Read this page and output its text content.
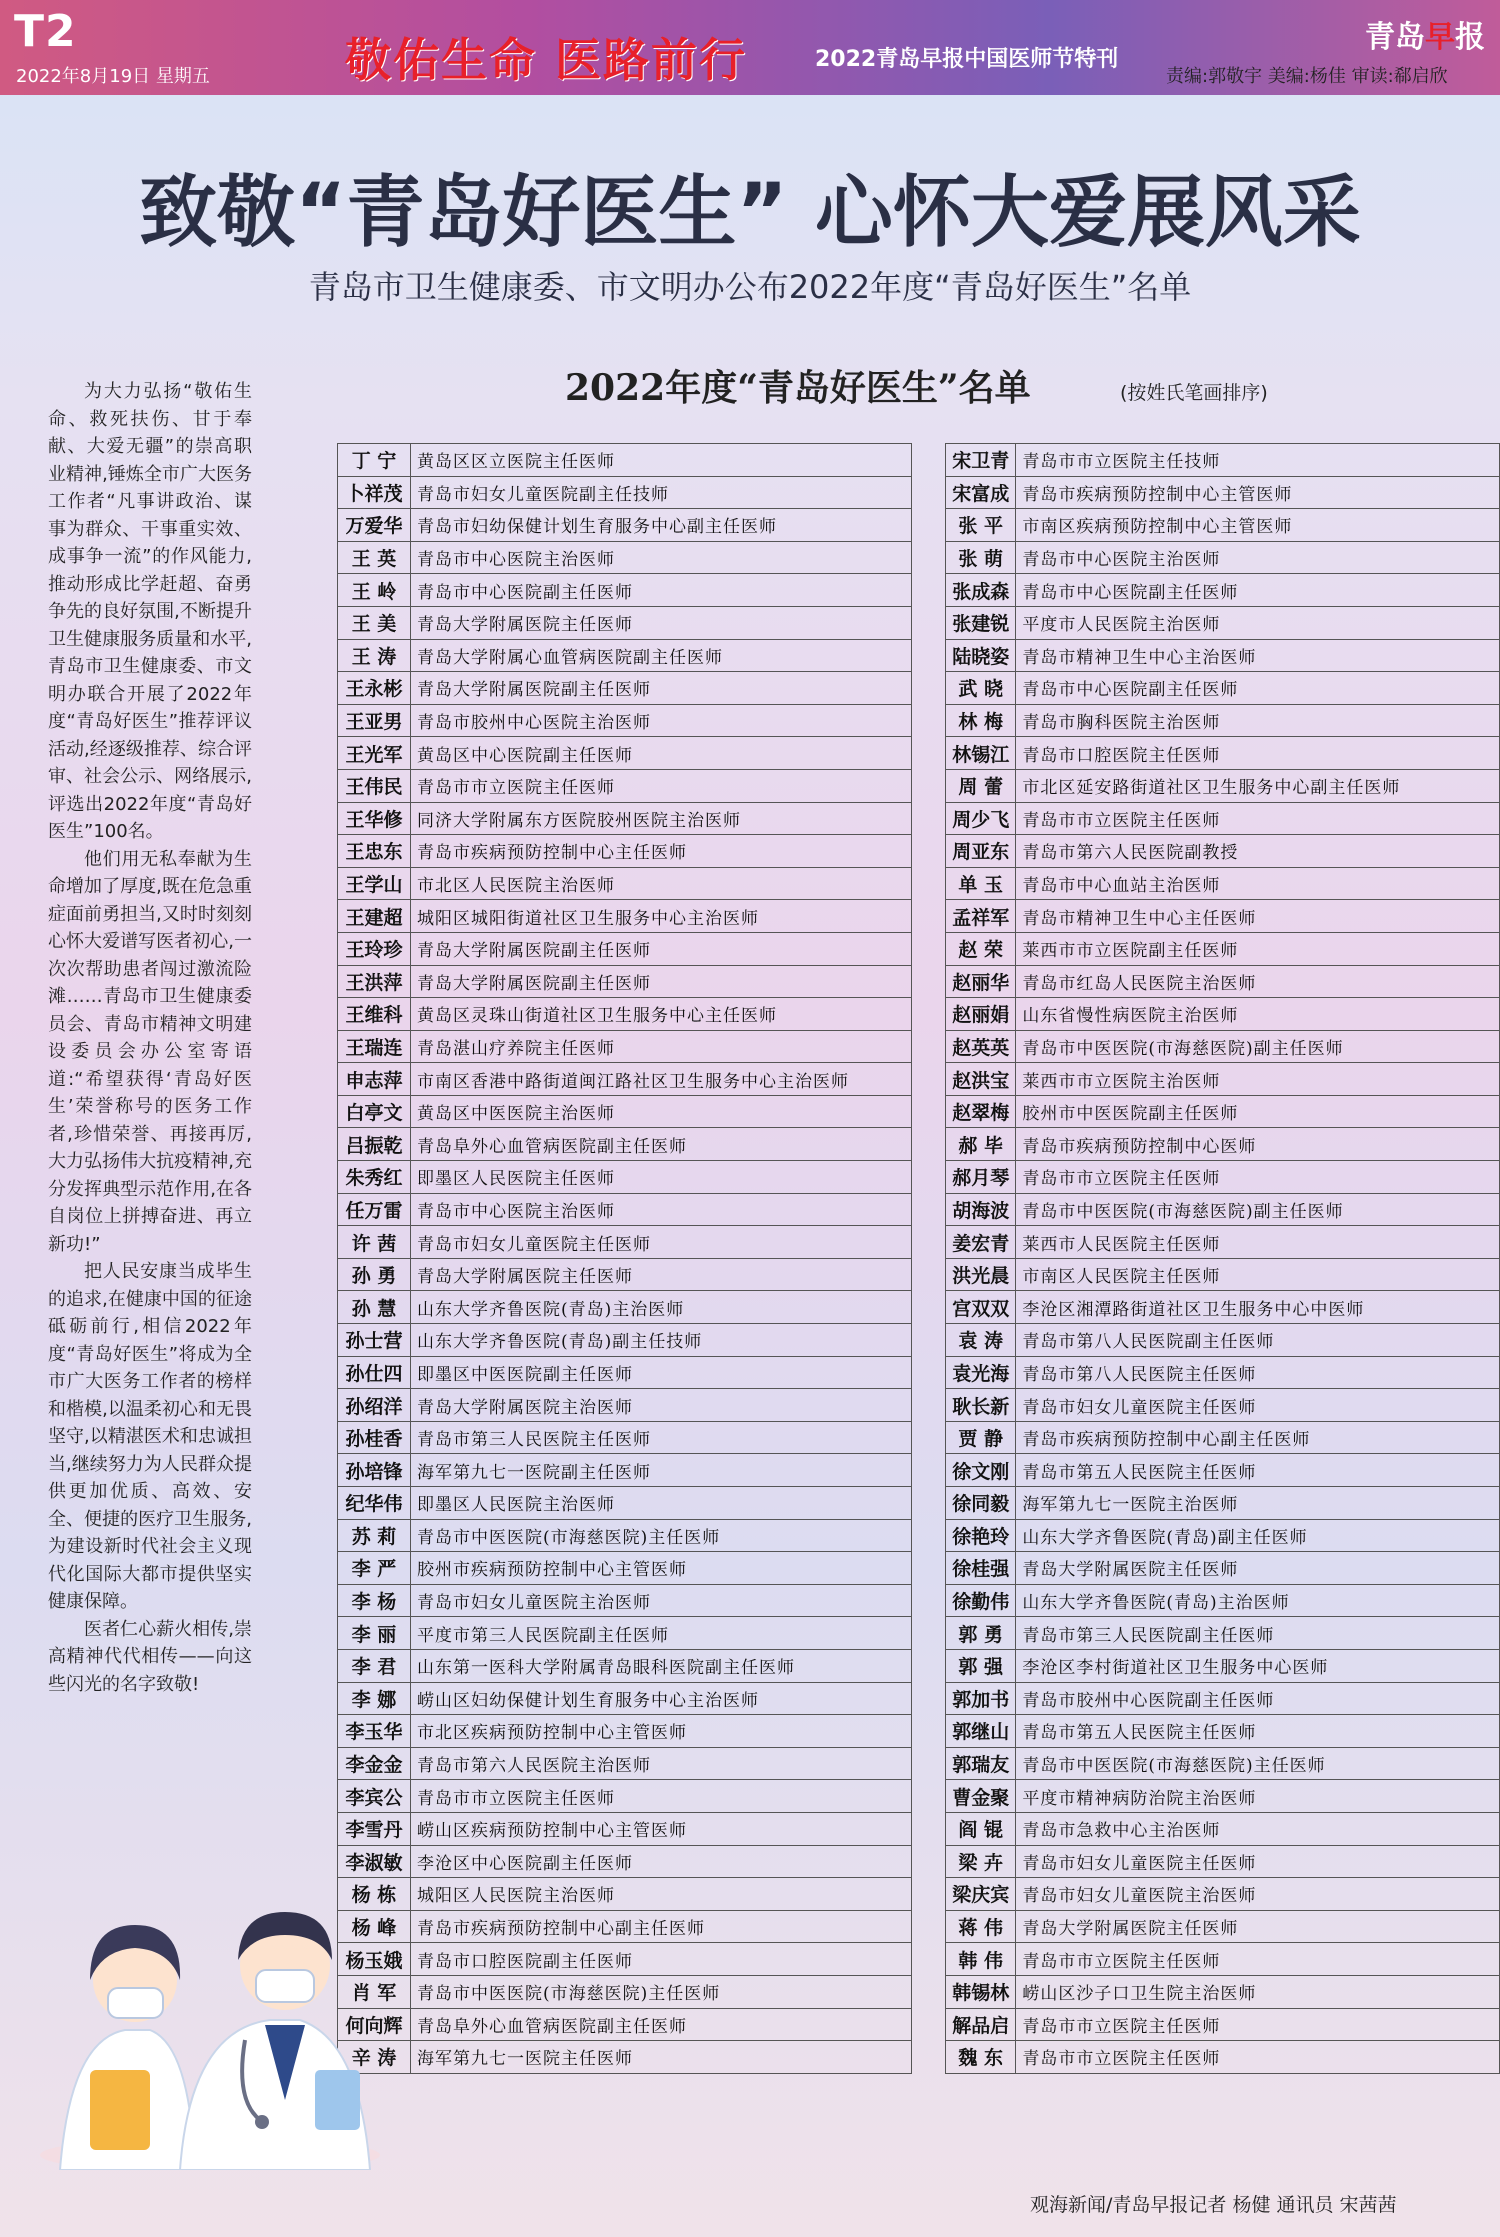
T2
2022年8月19日 星期五	敬佑生命 医路前行	2022青岛早报中国医师节特刊
青岛早报
责编:郭敬宇 美编:杨佳 审读:郗启欣
致敬“青岛好医生” 心怀大爱展风采
青岛市卫生健康委、市文明办公布2022年度“青岛好医生”名单
2022年度“青岛好医生”名单	(按姓氏笔画排序)

为大力弘扬“敬佑生命、救死扶伤、甘于奉献、大爱无疆”的崇高职业精神,锤炼全市广大医务工作者“凡事讲政治、谋事为群众、干事重实效、成事争一流”的作风能力,推动形成比学赶超、奋勇争先的良好氛围,不断提升卫生健康服务质量和水平,青岛市卫生健康委、市文明办联合开展了2022年度“青岛好医生”推荐评议活动,经逐级推荐、综合评审、社会公示、网络展示,评选出2022年度“青岛好医生”100名。

他们用无私奉献为生命增加了厚度,既在危急重症面前勇担当,又时时刻刻心怀大爱谱写医者初心,一次次帮助患者闯过激流险滩……青岛市卫生健康委员会、青岛市精神文明建设委员会办公室寄语道:“希望获得‘青岛好医生’荣誉称号的医务工作者,珍惜荣誉、再接再厉,大力弘扬伟大抗疫精神,充分发挥典型示范作用,在各自岗位上拼搏奋进、再立新功!”

把人民安康当成毕生的追求,在健康中国的征途砥砺前行,相信2022年度“青岛好医生”将成为全市广大医务工作者的榜样和楷模,以温柔初心和无畏坚守,以精湛医术和忠诚担当,继续努力为人民群众提供更加优质、高效、安全、便捷的医疗卫生服务,为建设新时代社会主义现代化国际大都市提供坚实健康保障。

医者仁心薪火相传,崇高精神代代相传——向这些闪光的名字致敬!

丁 宁	黄岛区区立医院主任医师
卜祥茂	青岛市妇女儿童医院副主任技师
万爱华	青岛市妇幼保健计划生育服务中心副主任医师
王 英	青岛市中心医院主治医师
王 岭	青岛市中心医院副主任医师
王 美	青岛大学附属医院主任医师
王 涛	青岛大学附属心血管病医院副主任医师
王永彬	青岛大学附属医院副主任医师
王亚男	青岛市胶州中心医院主治医师
王光军	黄岛区中心医院副主任医师
王伟民	青岛市市立医院主任医师
王华修	同济大学附属东方医院胶州医院主治医师
王忠东	青岛市疾病预防控制中心主任医师
王学山	市北区人民医院主治医师
王建超	城阳区城阳街道社区卫生服务中心主治医师
王玲珍	青岛大学附属医院副主任医师
王洪萍	青岛大学附属医院副主任医师
王维科	黄岛区灵珠山街道社区卫生服务中心主任医师
王瑞连	青岛湛山疗养院主任医师
申志萍	市南区香港中路街道闽江路社区卫生服务中心主治医师
白亭文	黄岛区中医医院主治医师
吕振乾	青岛阜外心血管病医院副主任医师
朱秀红	即墨区人民医院主任医师
任万雷	青岛市中心医院主治医师
许 茜	青岛市妇女儿童医院主任医师
孙 勇	青岛大学附属医院主任医师
孙 慧	山东大学齐鲁医院(青岛)主治医师
孙士营	山东大学齐鲁医院(青岛)副主任技师
孙仕四	即墨区中医医院副主任医师
孙绍洋	青岛大学附属医院主治医师
孙桂香	青岛市第三人民医院主任医师
孙培锋	海军第九七一医院副主任医师
纪华伟	即墨区人民医院主治医师
苏 莉	青岛市中医医院(市海慈医院)主任医师
李 严	胶州市疾病预防控制中心主管医师
李 杨	青岛市妇女儿童医院主治医师
李 丽	平度市第三人民医院副主任医师
李 君	山东第一医科大学附属青岛眼科医院副主任医师
李 娜	崂山区妇幼保健计划生育服务中心主治医师
李玉华	市北区疾病预防控制中心主管医师
李金金	青岛市第六人民医院主治医师
李宾公	青岛市市立医院主任医师
李雪丹	崂山区疾病预防控制中心主管医师
李淑敏	李沧区中心医院副主任医师
杨 栋	城阳区人民医院主治医师
杨 峰	青岛市疾病预防控制中心副主任医师
杨玉娥	青岛市口腔医院副主任医师
肖 军	青岛市中医医院(市海慈医院)主任医师
何向辉	青岛阜外心血管病医院副主任医师
辛 涛	海军第九七一医院主任医师
宋卫青	青岛市市立医院主任技师
宋富成	青岛市疾病预防控制中心主管医师
张 平	市南区疾病预防控制中心主管医师
张 萌	青岛市中心医院主治医师
张成森	青岛市中心医院副主任医师
张建锐	平度市人民医院主治医师
陆晓姿	青岛市精神卫生中心主治医师
武 晓	青岛市中心医院副主任医师
林 梅	青岛市胸科医院主治医师
林锡江	青岛市口腔医院主任医师
周 蕾	市北区延安路街道社区卫生服务中心副主任医师
周少飞	青岛市市立医院主任医师
周亚东	青岛市第六人民医院副教授
单 玉	青岛市中心血站主治医师
孟祥军	青岛市精神卫生中心主任医师
赵 荣	莱西市市立医院副主任医师
赵丽华	青岛市红岛人民医院主治医师
赵丽娟	山东省慢性病医院主治医师
赵英英	青岛市中医医院(市海慈医院)副主任医师
赵洪宝	莱西市市立医院主治医师
赵翠梅	胶州市中医医院副主任医师
郝 毕	青岛市疾病预防控制中心医师
郝月琴	青岛市市立医院主任医师
胡海波	青岛市中医医院(市海慈医院)副主任医师
姜宏青	莱西市人民医院主任医师
洪光晨	市南区人民医院主任医师
宫双双	李沧区湘潭路街道社区卫生服务中心中医师
袁 涛	青岛市第八人民医院副主任医师
袁光海	青岛市第八人民医院主任医师
耿长新	青岛市妇女儿童医院主任医师
贾 静	青岛市疾病预防控制中心副主任医师
徐文刚	青岛市第五人民医院主任医师
徐同毅	海军第九七一医院主治医师
徐艳玲	山东大学齐鲁医院(青岛)副主任医师
徐桂强	青岛大学附属医院主任医师
徐勤伟	山东大学齐鲁医院(青岛)主治医师
郭 勇	青岛市第三人民医院副主任医师
郭 强	李沧区李村街道社区卫生服务中心医师
郭加书	青岛市胶州中心医院副主任医师
郭继山	青岛市第五人民医院主任医师
郭瑞友	青岛市中医医院(市海慈医院)主任医师
曹金聚	平度市精神病防治院主治医师
阎 锟	青岛市急救中心主治医师
梁 卉	青岛市妇女儿童医院主任医师
梁庆宾	青岛市妇女儿童医院主治医师
蒋 伟	青岛大学附属医院主任医师
韩 伟	青岛市市立医院主任医师
韩锡林	崂山区沙子口卫生院主治医师
解品启	青岛市市立医院主任医师
魏 东	青岛市市立医院主任医师
观海新闻/青岛早报记者 杨健 通讯员 宋茜茜
